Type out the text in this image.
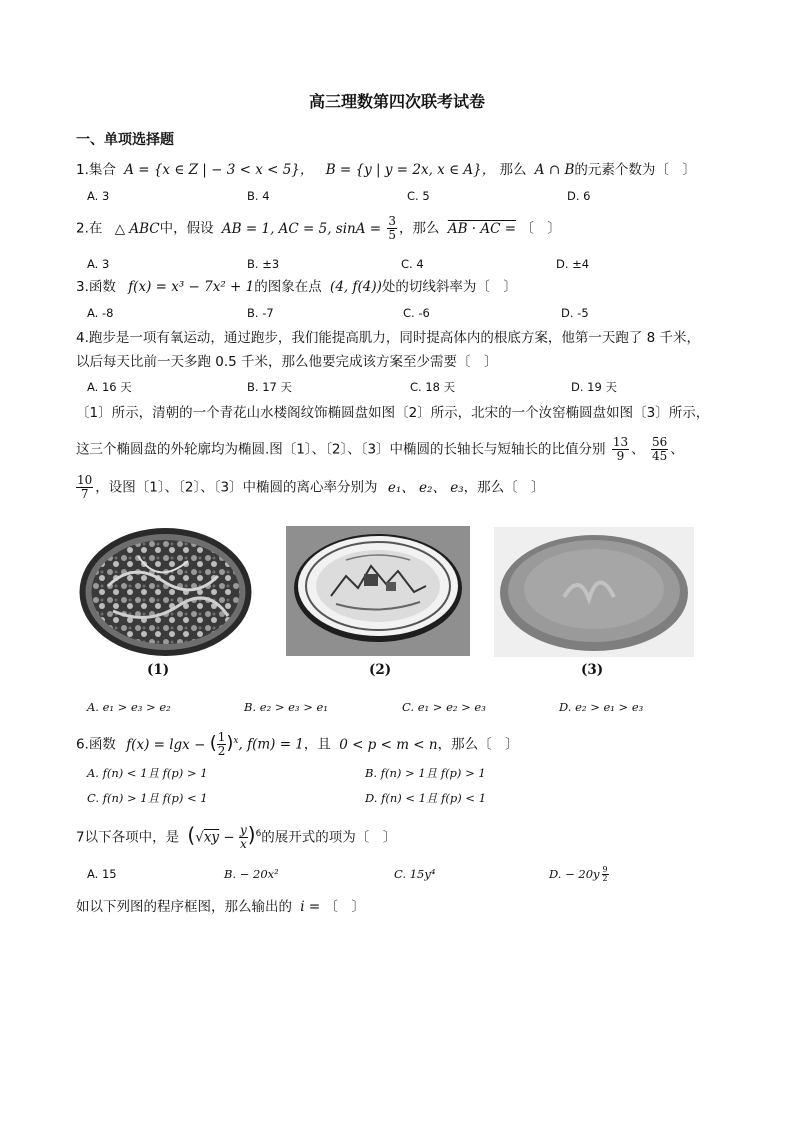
高三理数第四次联考试卷
一、单项选择题
1.集合 A = {x ∈ Z | − 3 < x < 5}， B = {y | y = 2x, x ∈ A}， 那么 A ∩ B的元素个数为〔　〕
A. 3	B. 4	C. 5	D. 6
2.在 △ ABC中，假设 AB = 1, AC = 5, $\sin A = \frac{3}{5}$ ，那么 AB · AC = 〔　〕
A. 3	B. ±3	C. 4	D. ±4
3.函数 f(x) = x³ − 7x² + 1的图象在点 (4, f(4))处的切线斜率为〔　〕
A. -8	B. -7	C. -6	D. -5
4.跑步是一项有氧运动，通过跑步，我们能提高肌力，同时提高体内的根底方案，他第一天跑了 8 千米，
以后每天比前一天多跑 0.5 千米，那么他要完成该方案至少需要〔　〕
A. 16 天	B. 17 天	C. 18 天	D. 19 天
〔1〕所示，清朝的一个青花山水楼阁纹饰椭圆盘如图〔2〕所示，北宋的一个汝窑椭圆盘如图〔3〕所示，
这三个椭圆盘的外轮廓均为椭圆.图〔1〕、〔2〕、〔3〕中椭圆的长轴长与短轴长的比值分别 $\frac{13}{9}$ 、 $\frac{56}{45}$ 、
$\frac{10}{7}$ ，设图〔1〕、〔2〕、〔3〕中椭圆的离心率分别为 e₁、 e₂、 e₃，那么〔　〕
(1)	(2)	(3)
A. e₁ > e₃ > e₂	B. e₂ > e₃ > e₁	C. e₁ > e₂ > e₃	D. e₂ > e₁ > e₃
6.函数 f(x) = lgx − ( $\frac{1}{2} )^x$, f(m) = 1，且 0 < p < m < n，那么〔　〕
A. f(n) < 1且 f(p) > 1	B. f(n) > 1且 f(p) > 1
C. f(n) > 1且 f(p) < 1	D. f(n) < 1且 f(p) < 1
7以下各项中，是 $(√xy - \frac{y}{x} )^6$的展开式的项为〔　〕
A. 15	B. − 20x²	C. 15y⁴	D. − $20y \frac{9}{2}$
如以下列图的程序框图，那么输出的 i = 〔　〕
